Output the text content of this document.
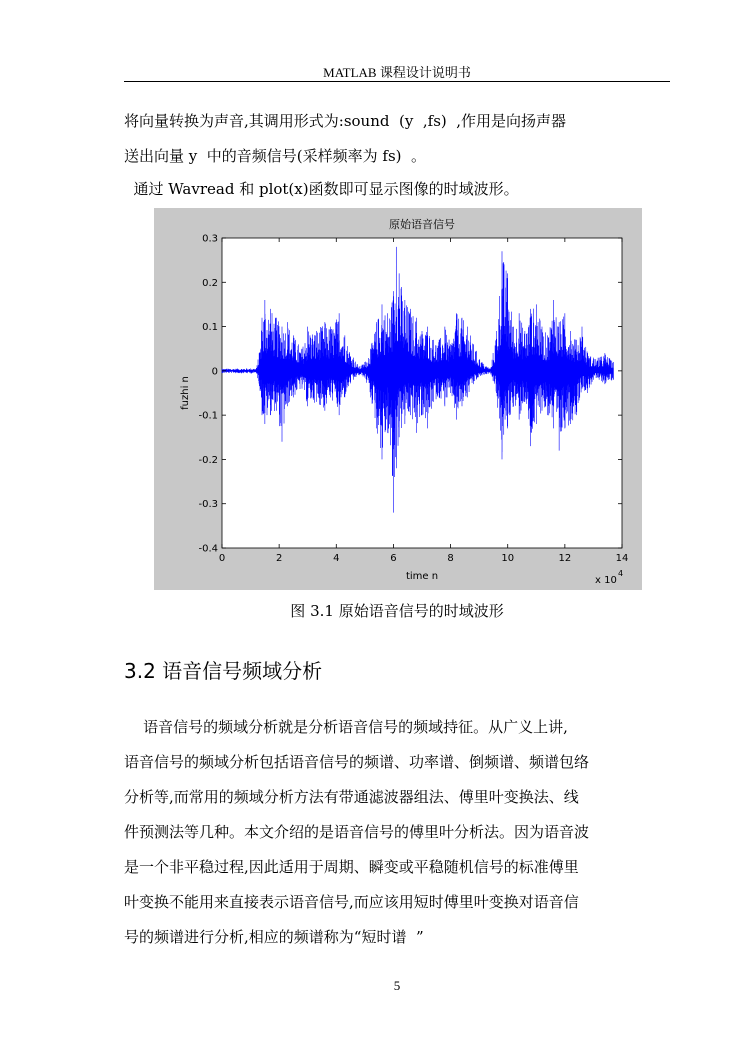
MATLAB 课程设计说明书
将向量转换为声音,其调用形式为:sound  (y  ,fs)  ,作用是向扬声器
送出向量 y  中的音频信号(采样频率为 fs)  。
通过 Wavread 和 plot(x)函数即可显示图像的时域波形。
0	2	4	6	8	10	12	14
0.3
0.2
0.1
0
-0.1
-0.2
-0.3
-0.4
原始语音信号
time n
fuzhi n
x 10
4
图 3.1 原始语音信号的时域波形
3.2 语音信号频域分析
语音信号的频域分析就是分析语音信号的频域持征。从广义上讲,
语音信号的频域分析包括语音信号的频谱、功率谱、倒频谱、频谱包络
分析等,而常用的频域分析方法有带通滤波器组法、傅里叶变换法、线
件预测法等几种。本文介绍的是语音信号的傅里叶分析法。因为语音波
是一个非平稳过程,因此适用于周期、瞬变或平稳随机信号的标准傅里
叶变换不能用来直接表示语音信号,而应该用短时傅里叶变换对语音信
号的频谱进行分析,相应的频谱称为“短时谱  ”
5
